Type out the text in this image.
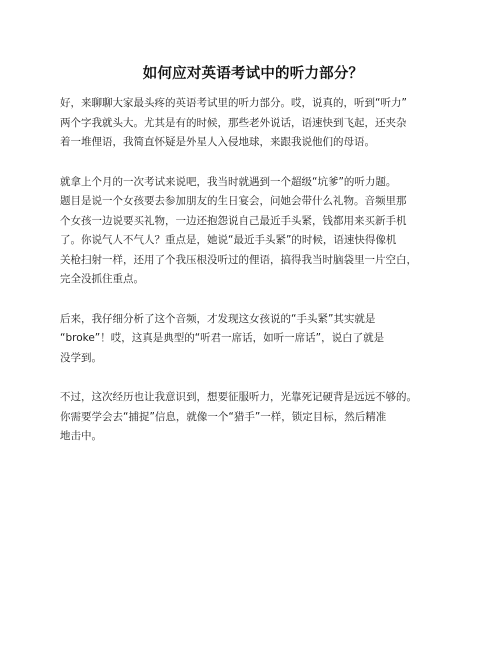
如何应对英语考试中的听力部分？

好，来聊聊大家最头疼的英语考试里的听力部分。哎，说真的，听到“听力”
两个字我就头大。尤其是有的时候，那些老外说话，语速快到飞起，还夹杂
着一堆俚语，我简直怀疑是外星人入侵地球，来跟我说他们的母语。

就拿上个月的一次考试来说吧，我当时就遇到一个超级“坑爹”的听力题。
题目是说一个女孩要去参加朋友的生日宴会，问她会带什么礼物。音频里那
个女孩一边说要买礼物，一边还抱怨说自己最近手头紧，钱都用来买新手机
了。你说气人不气人？重点是，她说“最近手头紧”的时候，语速快得像机
关枪扫射一样，还用了个我压根没听过的俚语，搞得我当时脑袋里一片空白，
完全没抓住重点。

后来，我仔细分析了这个音频，才发现这女孩说的“手头紧”其实就是
“broke”！哎，这真是典型的“听君一席话，如听一席话”，说白了就是
没学到。

不过，这次经历也让我意识到，想要征服听力，光靠死记硬背是远远不够的。
你需要学会去“捕捉”信息，就像一个“猎手”一样，锁定目标，然后精准
地击中。
